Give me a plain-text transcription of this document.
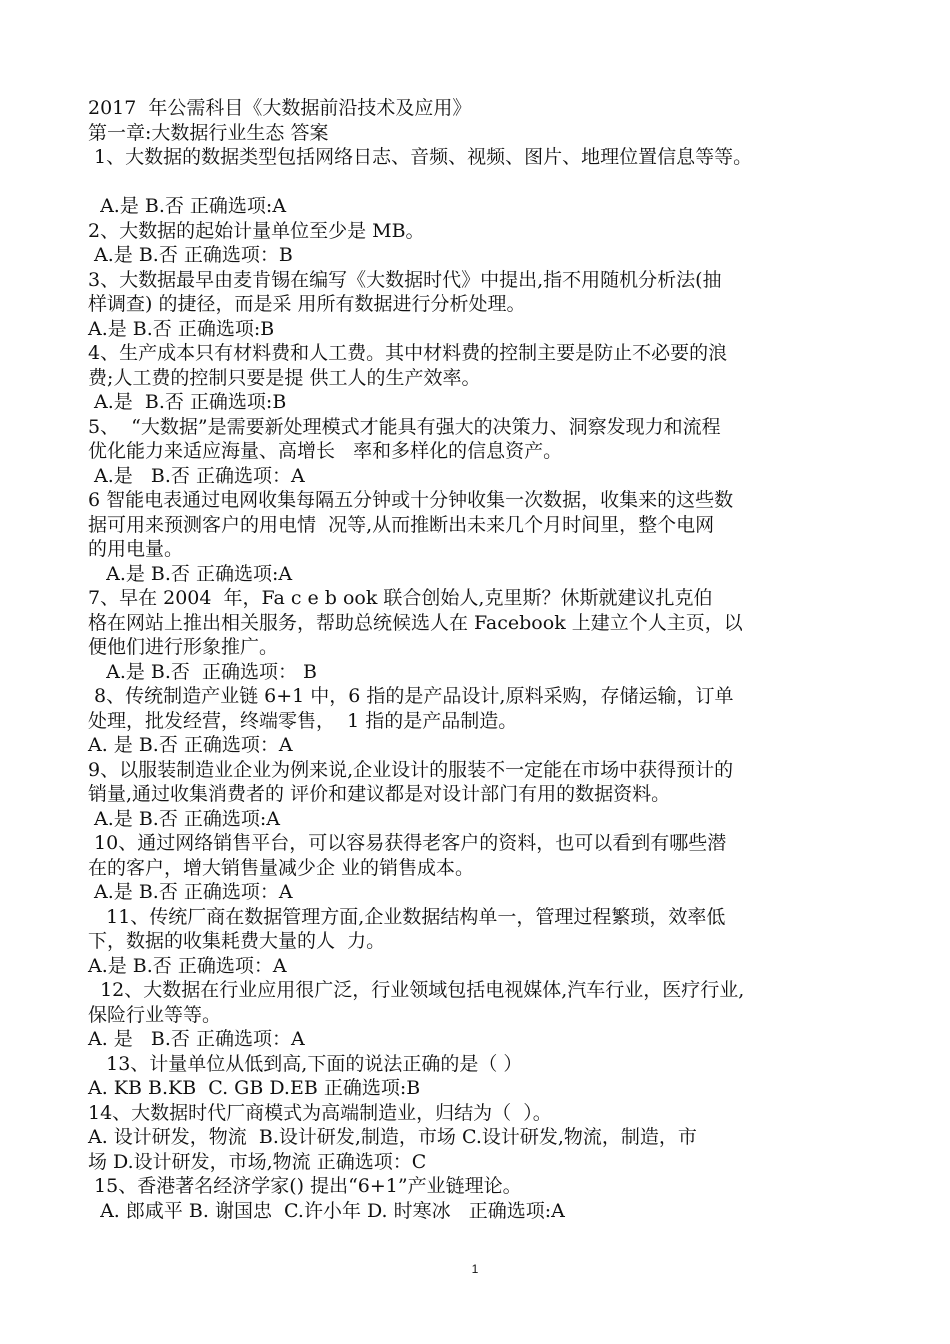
2017  年公需科目《大数据前沿技术及应用》
第一章:大数据行业生态 答案
1、大数据的数据类型包括网络日志、音频、视频、图片、地理位置信息等等。
A.是 B.否 正确选项:A
2、大数据的起始计量单位至少是 MB。
A.是 B.否 正确选项：B
3、大数据最早由麦肯锡在编写《大数据时代》中提出,指不用随机分析法(抽
样调查) 的捷径，而是采 用所有数据进行分析处理。
A.是 B.否 正确选项:B
4、生产成本只有材料费和人工费。其中材料费的控制主要是防止不必要的浪
费;人工费的控制只要是提 供工人的生产效率。
A.是  B.否 正确选项:B
5、  “大数据”是需要新处理模式才能具有强大的决策力、洞察发现力和流程
优化能力来适应海量、高增长   率和多样化的信息资产。
A.是   B.否 正确选项：A
6 智能电表通过电网收集每隔五分钟或十分钟收集一次数据，收集来的这些数
据可用来预测客户的用电情  况等,从而推断出未来几个月时间里，整个电网
的用电量。
A.是 B.否 正确选项:A
7、早在 2004  年，Fa c e b ook 联合创始人,克里斯？休斯就建议扎克伯
格在网站上推出相关服务，帮助总统候选人在 Facebook 上建立个人主页，以
便他们进行形象推广。
A.是 B.否  正确选项： B
8、传统制造产业链 6+1 中，6 指的是产品设计,原料采购，存储运输，订单
处理，批发经营，终端零售，  1 指的是产品制造。
A. 是 B.否 正确选项：A
9、以服装制造业企业为例来说,企业设计的服装不一定能在市场中获得预计的
销量,通过收集消费者的 评价和建议都是对设计部门有用的数据资料。
A.是 B.否 正确选项:A
10、通过网络销售平台，可以容易获得老客户的资料，也可以看到有哪些潜
在的客户，增大销售量减少企 业的销售成本。
A.是 B.否 正确选项：A
11、传统厂商在数据管理方面,企业数据结构单一，管理过程繁琐，效率低
下，数据的收集耗费大量的人  力。
A.是 B.否 正确选项：A
12、大数据在行业应用很广泛，行业领域包括电视媒体,汽车行业，医疗行业,
保险行业等等。
A. 是   B.否 正确选项：A
13、计量单位从低到高,下面的说法正确的是（ ）
A. KB B.KB  C. GB D.EB 正确选项:B
14、大数据时代厂商模式为高端制造业，归结为（  ）。
A. 设计研发，物流  B.设计研发,制造，市场 C.设计研发,物流，制造，市
场 D.设计研发，市场,物流 正确选项：C
15、香港著名经济学家() 提出“6+1”产业链理论。
A. 郎咸平 B. 谢国忠  C.许小年 D. 时寒冰   正确选项:A
1
